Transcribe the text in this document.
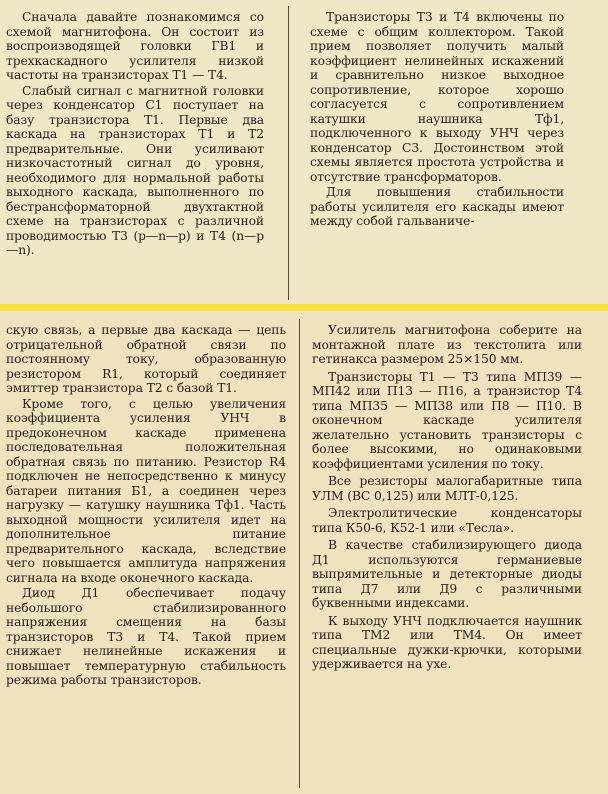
Сначала давайте познакомимся со схемой магнитофона. Он состоит из воспроизводящей головки ГВ1 и трехкаскадного усилителя низкой частоты на транзисторах Т1 — Т4.

Слабый сигнал с магнитной головки через конденсатор С1 поступает на базу транзистора Т1. Первые два каскада на транзисторах Т1 и Т2 предварительные. Они усиливают низкочастотный сигнал до уровня, необходимого для нормальной работы выходного каскада, выполненного по бестрансформаторной двухтактной схеме на транзисторах с различной проводимостью Т3 (р—n—р) и Т4 (n—р—n).

Транзисторы Т3 и Т4 включены по схеме с общим коллектором. Такой прием позволяет получить малый коэффициент нелинейных искажений и сравнительно низкое выходное сопротивление, которое хорошо согласуется с сопротивлением катушки наушника Тф1, подключенного к выходу УНЧ через конденсатор С3. Достоинством этой схемы является простота устройства и отсутствие трансформаторов.

Для повышения стабильности работы усилителя его каскады имеют между собой гальваниче-

скую связь, а первые два каскада — цепь отрицательной обратной связи по постоянному току, образованную резистором R1, который соединяет эмиттер транзистора Т2 с базой Т1.

Кроме того, с целью увеличения коэффициента усиления УНЧ в предоконечном каскаде применена последовательная положительная обратная связь по питанию. Резистор R4 подключен не непосредственно к минусу батареи питания Б1, а соединен через нагрузку — катушку наушника Тф1. Часть выходной мощности усилителя идет на дополнительное питание предварительного каскада, вследствие чего повышается амплитуда напряжения сигнала на входе оконечного каскада.

Диод Д1 обеспечивает подачу небольшого стабилизированного напряжения смещения на базы транзисторов Т3 и Т4. Такой прием снижает нелинейные искажения и повышает температурную стабильность режима работы транзисторов.

Усилитель магнитофона соберите на монтажной плате из текстолита или гетинакса размером 25×150 мм.

Транзисторы Т1 — Т3 типа МП39 — МП42 или П13 — П16, а транзистор Т4 типа МП35 — МП38 или П8 — П10. В оконечном каскаде усилителя желательно установить транзисторы с более высокими, но одинаковыми коэффициентами усиления по току.

Все резисторы малогабаритные типа УЛМ (ВС 0,125) или МЛТ-0,125.

Электролитические конденсаторы типа К50-6, К52-1 или «Тесла».

В качестве стабилизирующего диода Д1 используются германиевые выпрямительные и детекторные диоды типа Д7 или Д9 с различными буквенными индексами.

К выходу УНЧ подключается наушник типа ТМ2 или ТМ4. Он имеет специальные дужки-крючки, которыми удерживается на ухе.
